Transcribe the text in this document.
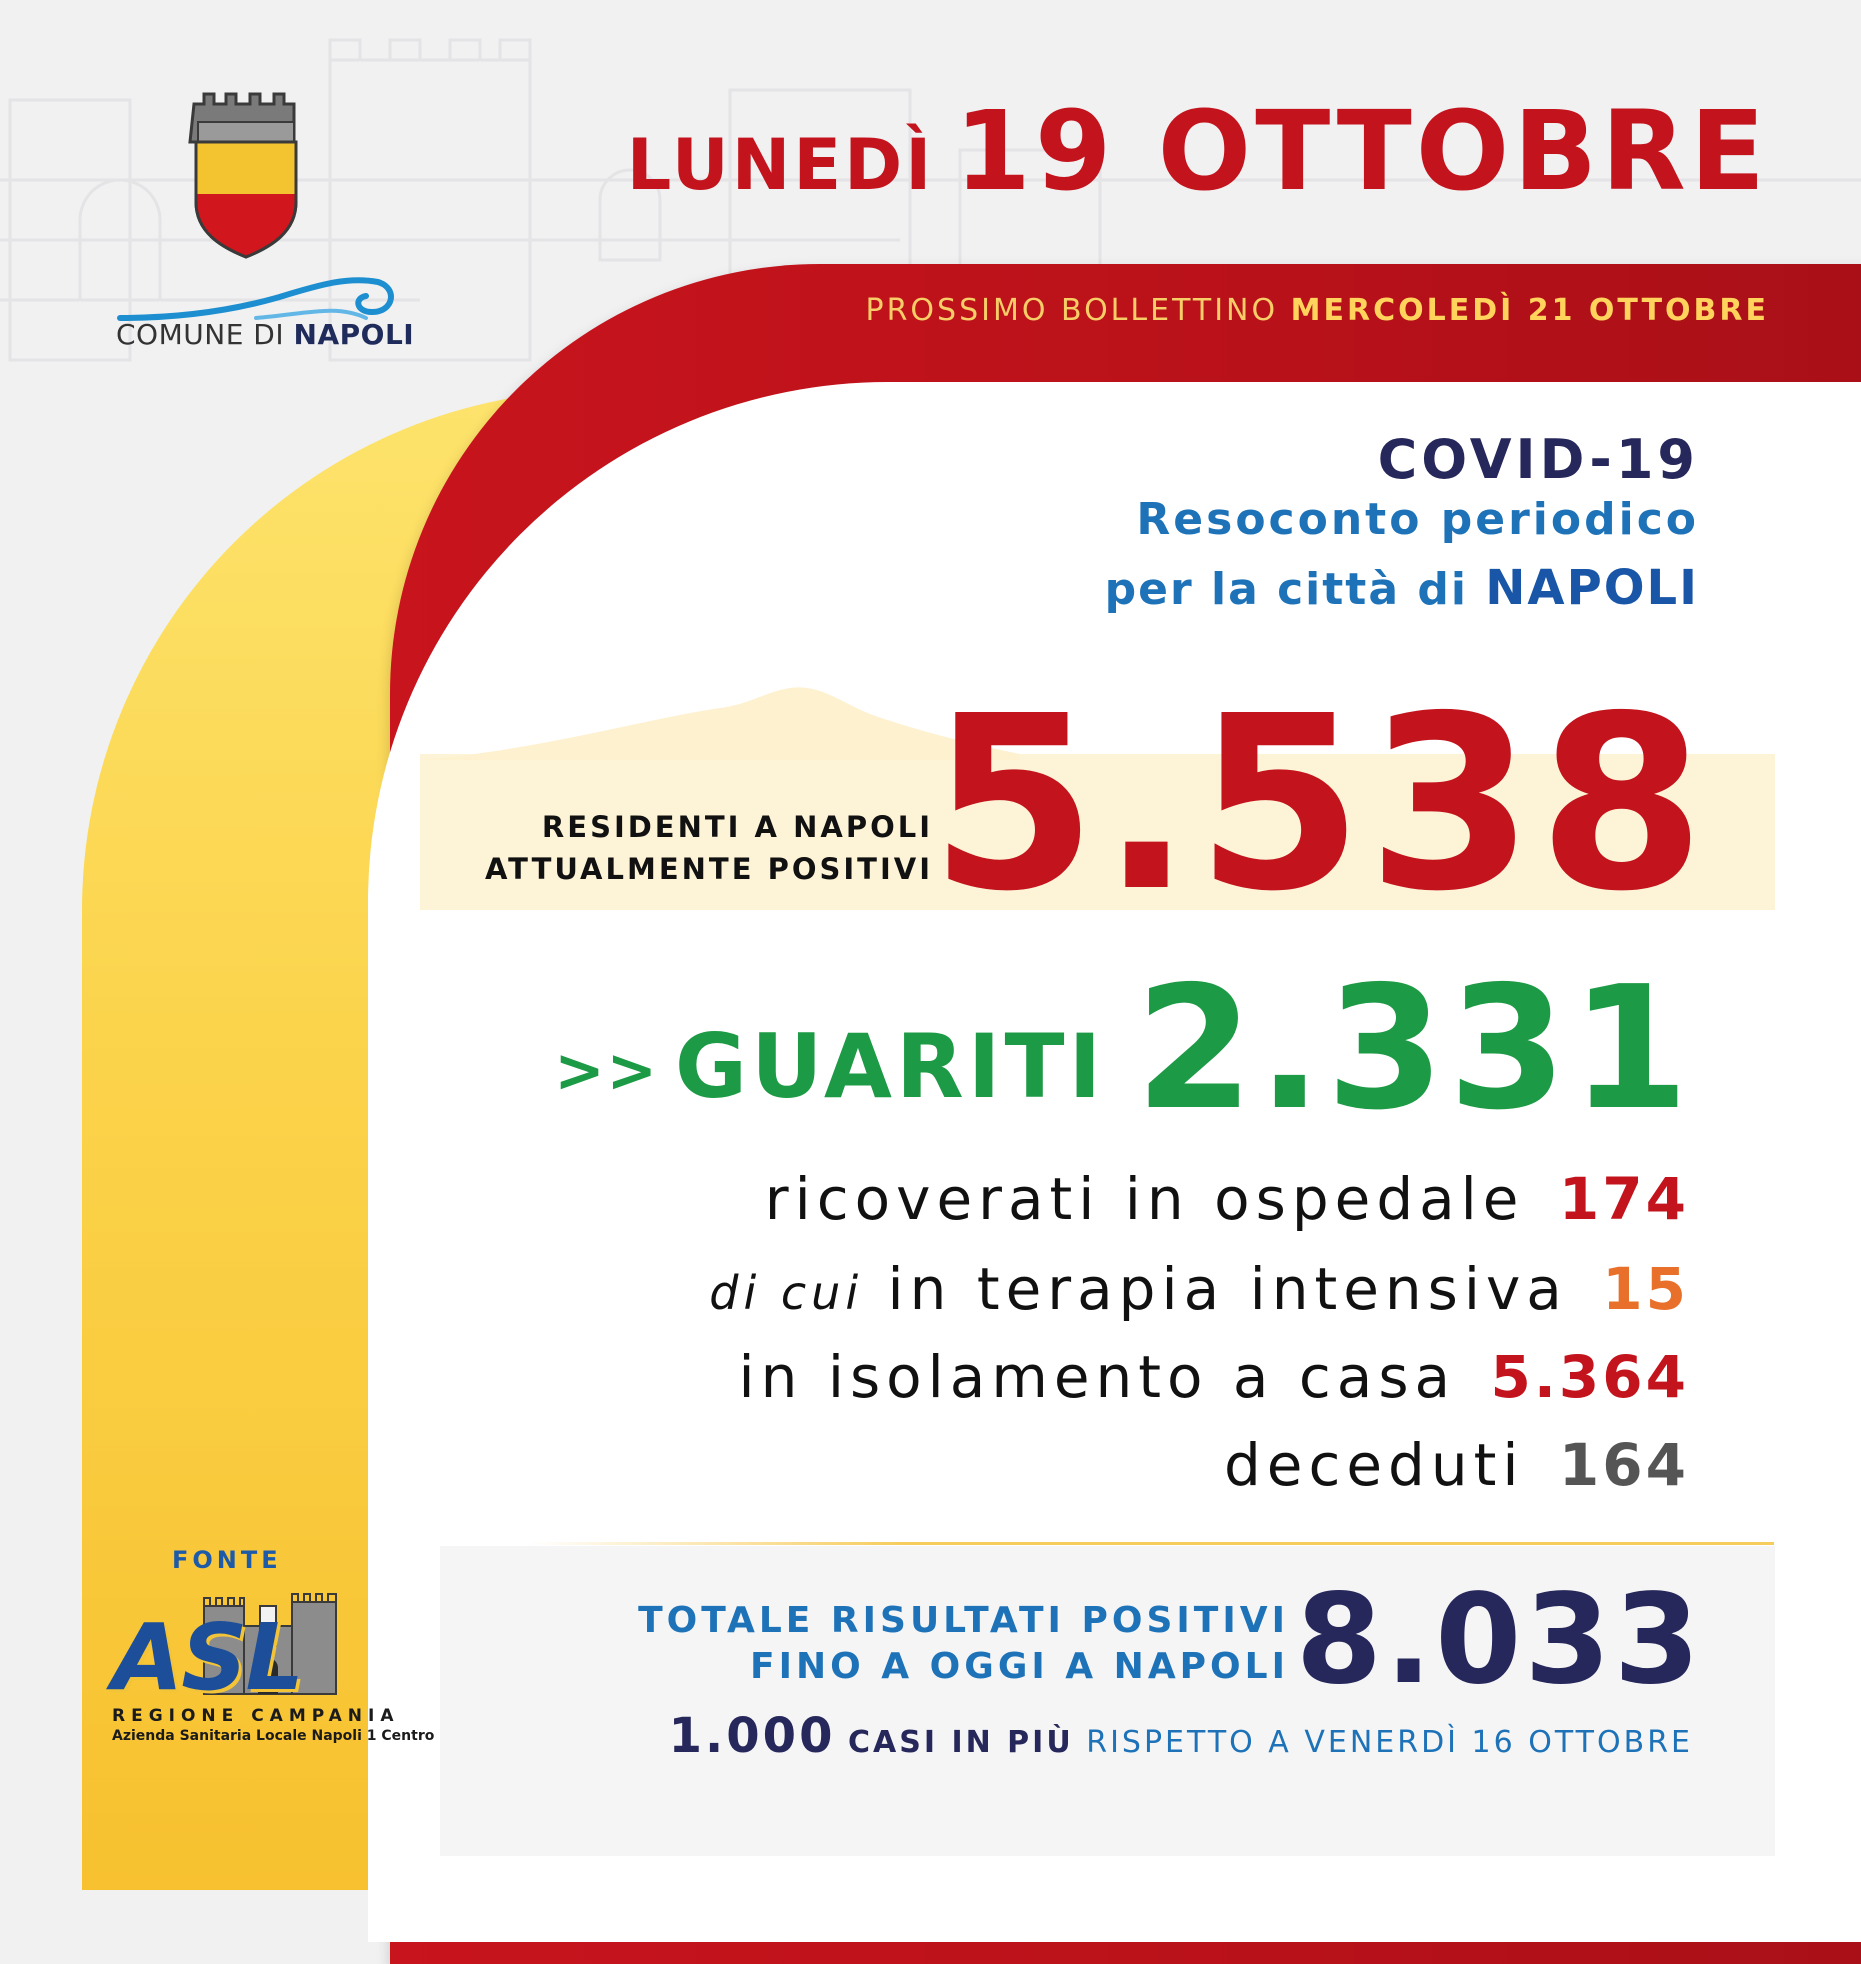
COMUNE DI NAPOLI
LUNEDÌ 19 OTTOBRE
PROSSIMO BOLLETTINO MERCOLEDÌ 21 OTTOBRE
COVID-19
Resoconto periodico
per la città di NAPOLI
RESIDENTI A NAPOLI
ATTUALMENTE POSITIVI
5.538
>> GUARITI 2.331
ricoverati in ospedale 174
di cui in terapia intensiva 15
in isolamento a casa 5.364
deceduti 164
TOTALE RISULTATI POSITIVI
FINO A OGGI A NAPOLI 8.033
1.000 CASI IN PIÙ RISPETTO A VENERDÌ 16 OTTOBRE
FONTE
ASL
REGIONE CAMPANIA
Azienda Sanitaria Locale Napoli 1 Centro
